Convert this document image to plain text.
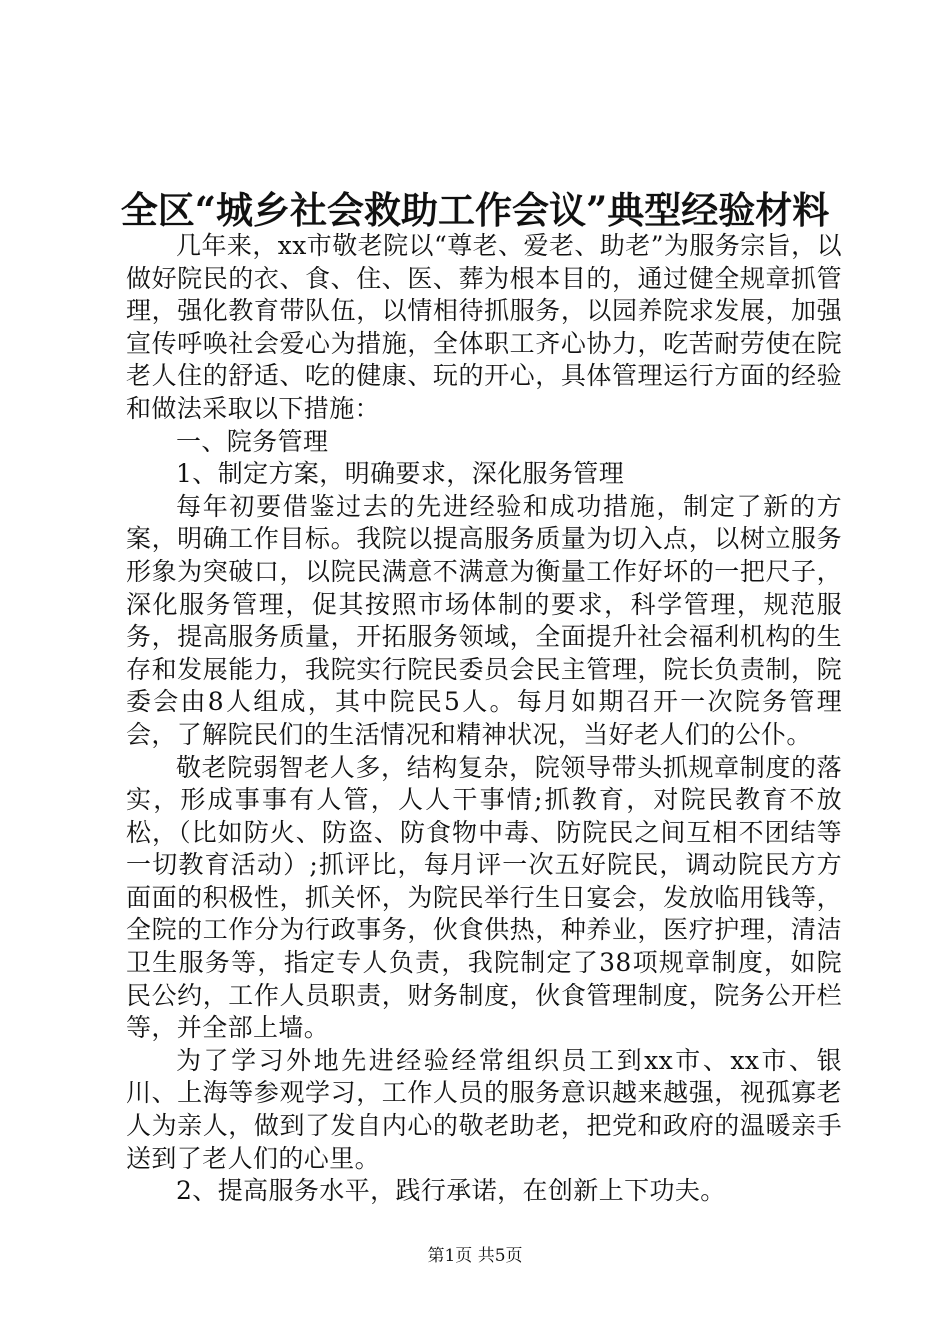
全区“城乡社会救助工作会议”典型经验材料

几年来，xx市敬老院以“尊老、爱老、助老”为服务宗旨，以做好院民的衣、食、住、医、葬为根本目的，通过健全规章抓管理，强化教育带队伍，以情相待抓服务，以园养院求发展，加强宣传呼唤社会爱心为措施，全体职工齐心协力，吃苦耐劳使在院老人住的舒适、吃的健康、玩的开心，具体管理运行方面的经验和做法采取以下措施：

一、院务管理

1、制定方案，明确要求，深化服务管理

每年初要借鉴过去的先进经验和成功措施，制定了新的方案，明确工作目标。我院以提高服务质量为切入点，以树立服务形象为突破口，以院民满意不满意为衡量工作好坏的一把尺子，深化服务管理，促其按照市场体制的要求，科学管理，规范服务，提高服务质量，开拓服务领域，全面提升社会福利机构的生存和发展能力，我院实行院民委员会民主管理，院长负责制，院委会由8人组成，其中院民5人。每月如期召开一次院务管理会，了解院民们的生活情况和精神状况，当好老人们的公仆。

敬老院弱智老人多，结构复杂，院领导带头抓规章制度的落实，形成事事有人管，人人干事情;抓教育，对院民教育不放松，（比如防火、防盗、防食物中毒、防院民之间互相不团结等一切教育活动）;抓评比，每月评一次五好院民，调动院民方方面面的积极性，抓关怀，为院民举行生日宴会，发放临用钱等，全院的工作分为行政事务，伙食供热，种养业，医疗护理，清洁卫生服务等，指定专人负责，我院制定了38项规章制度，如院民公约，工作人员职责，财务制度，伙食管理制度，院务公开栏等，并全部上墙。

为了学习外地先进经验经常组织员工到xx市、xx市、银川、上海等参观学习，工作人员的服务意识越来越强，视孤寡老人为亲人，做到了发自内心的敬老助老，把党和政府的温暖亲手送到了老人们的心里。

2、提高服务水平，践行承诺，在创新上下功夫。

第1页 共5页
